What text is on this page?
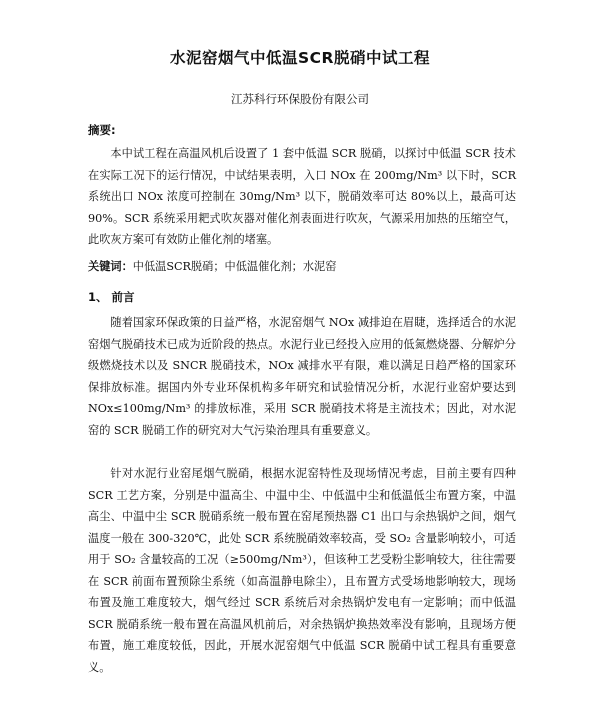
水泥窑烟气中低温SCR脱硝中试工程
江苏科行环保股份有限公司
摘要:

本中试工程在高温风机后设置了 1 套中低温 SCR 脱硝，以探讨中低温 SCR 技术在实际工况下的运行情况，中试结果表明，入口 NOx 在 200mg/Nm³ 以下时，SCR 系统出口 NOx 浓度可控制在 30mg/Nm³ 以下，脱硝效率可达 80%以上，最高可达 90%。SCR 系统采用耙式吹灰器对催化剂表面进行吹灰，气源采用加热的压缩空气，此吹灰方案可有效防止催化剂的堵塞。

关键词：中低温SCR脱硝；中低温催化剂；水泥窑
1、 前言

随着国家环保政策的日益严格，水泥窑烟气 NOx 减排迫在眉睫，选择适合的水泥窑烟气脱硝技术已成为近阶段的热点。水泥行业已经投入应用的低氮燃烧器、分解炉分级燃烧技术以及 SNCR 脱硝技术，NOx 减排水平有限，难以满足日趋严格的国家环保排放标准。据国内外专业环保机构多年研究和试验情况分析，水泥行业窑炉要达到 NOx≤100mg/Nm³ 的排放标准，采用 SCR 脱硝技术将是主流技术；因此，对水泥窑的 SCR 脱硝工作的研究对大气污染治理具有重要意义。

针对水泥行业窑尾烟气脱硝，根据水泥窑特性及现场情况考虑，目前主要有四种 SCR 工艺方案，分别是中温高尘、中温中尘、中低温中尘和低温低尘布置方案，中温高尘、中温中尘 SCR 脱硝系统一般布置在窑尾预热器 C1 出口与余热锅炉之间，烟气温度一般在 300-320℃，此处 SCR 系统脱硝效率较高，受 SO₂ 含量影响较小，可适用于 SO₂ 含量较高的工况（≥500mg/Nm³），但该种工艺受粉尘影响较大，往往需要在 SCR 前面布置预除尘系统（如高温静电除尘），且布置方式受场地影响较大，现场布置及施工难度较大，烟气经过 SCR 系统后对余热锅炉发电有一定影响；而中低温 SCR 脱硝系统一般布置在高温风机前后，对余热锅炉换热效率没有影响，且现场方便布置，施工难度较低，因此，开展水泥窑烟气中低温 SCR 脱硝中试工程具有重要意义。
